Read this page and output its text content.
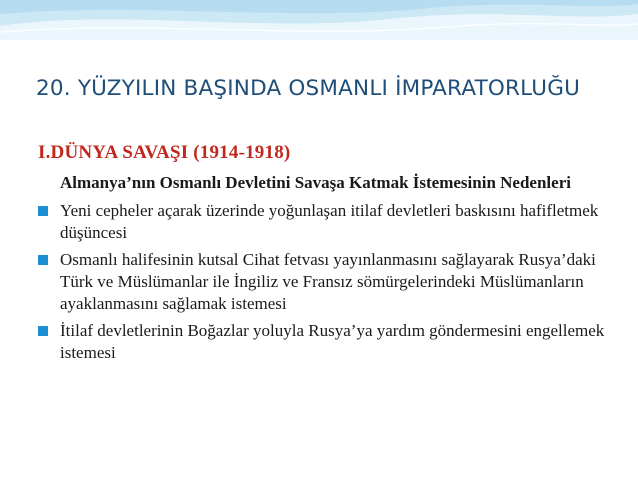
20. YÜZYILIN BAŞINDA OSMANLI İMPARATORLUĞU
I.DÜNYA SAVAŞI (1914-1918)
Almanya’nın Osmanlı Devletini Savaşa Katmak İstemesinin Nedenleri
Yeni cepheler açarak üzerinde yoğunlaşan itilaf devletleri baskısını hafifletmek düşüncesi
Osmanlı halifesinin kutsal Cihat fetvası yayınlanmasını sağlayarak Rusya’daki Türk ve Müslümanlar ile İngiliz ve Fransız sömürgelerindeki Müslümanların ayaklanmasını sağlamak istemesi
İtilaf devletlerinin Boğazlar yoluyla Rusya’ya yardım göndermesini engellemek istemesi
